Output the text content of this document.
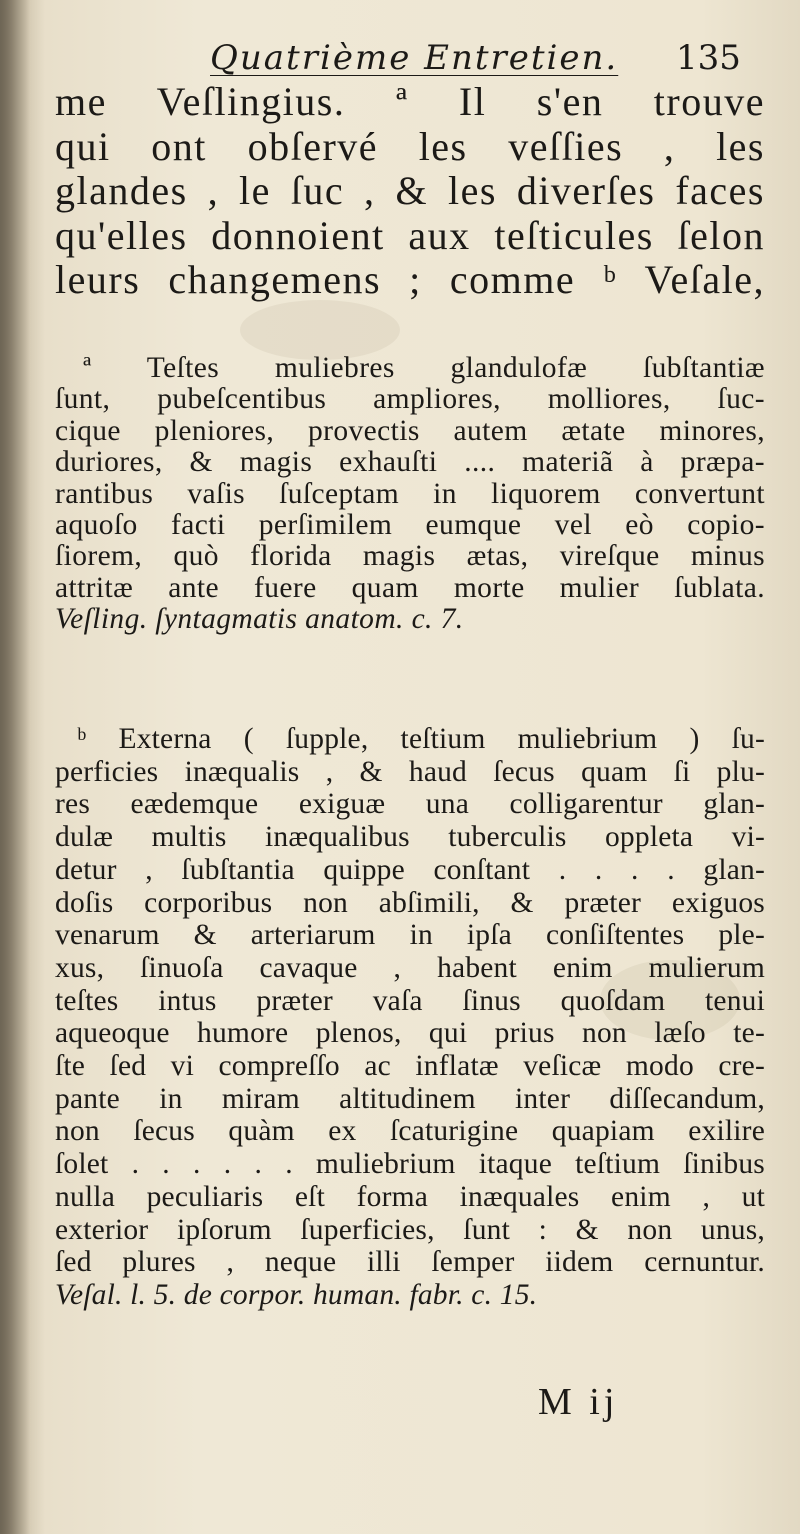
Quatrième Entretien. 135
me Veſlingius. ª Il s'en trouve
qui ont obſervé les veſſies , les
glandes , le ſuc , & les diverſes faces
qu'elles donnoient aux teſticules ſelon
leurs changemens ; comme ᵇ Veſale,
ª Teſtes muliebres glandulofæ ſubſtantiæ
ſunt, pubeſcentibus ampliores, molliores, ſuc-
cique pleniores, provectis autem ætate minores,
duriores, & magis exhauſti .... materiã à præpa-
rantibus vaſis ſuſceptam in liquorem convertunt
aquoſo facti perſimilem eumque vel eò copio-
ſiorem, quò florida magis ætas, vireſque minus
attritæ ante fuere quam morte mulier ſublata.
Veſling. ſyntagmatis anatom. c. 7.
ᵇ Externa ( ſupple, teſtium muliebrium ) ſu-
perficies inæqualis , & haud ſecus quam ſi plu-
res eædemque exiguæ una colligarentur glan-
dulæ multis inæqualibus tuberculis oppleta vi-
detur , ſubſtantia quippe conſtant . . . . glan-
doſis corporibus non abſimili, & præter exiguos
venarum & arteriarum in ipſa conſiſtentes ple-
xus, ſinuoſa cavaque , habent enim mulierum
teſtes intus præter vaſa ſinus quoſdam tenui
aqueoque humore plenos, qui prius non læſo te-
ſte ſed vi compreſſo ac inflatæ veſicæ modo cre-
pante in miram altitudinem inter diſſecandum,
non ſecus quàm ex ſcaturigine quapiam exilire
ſolet . . . . . . muliebrium itaque teſtium ſinibus
nulla peculiaris eſt forma inæquales enim , ut
exterior ipſorum ſuperficies, ſunt : & non unus,
ſed plures , neque illi ſemper iidem cernuntur.
Veſal. l. 5. de corpor. human. fabr. c. 15.
M ij
